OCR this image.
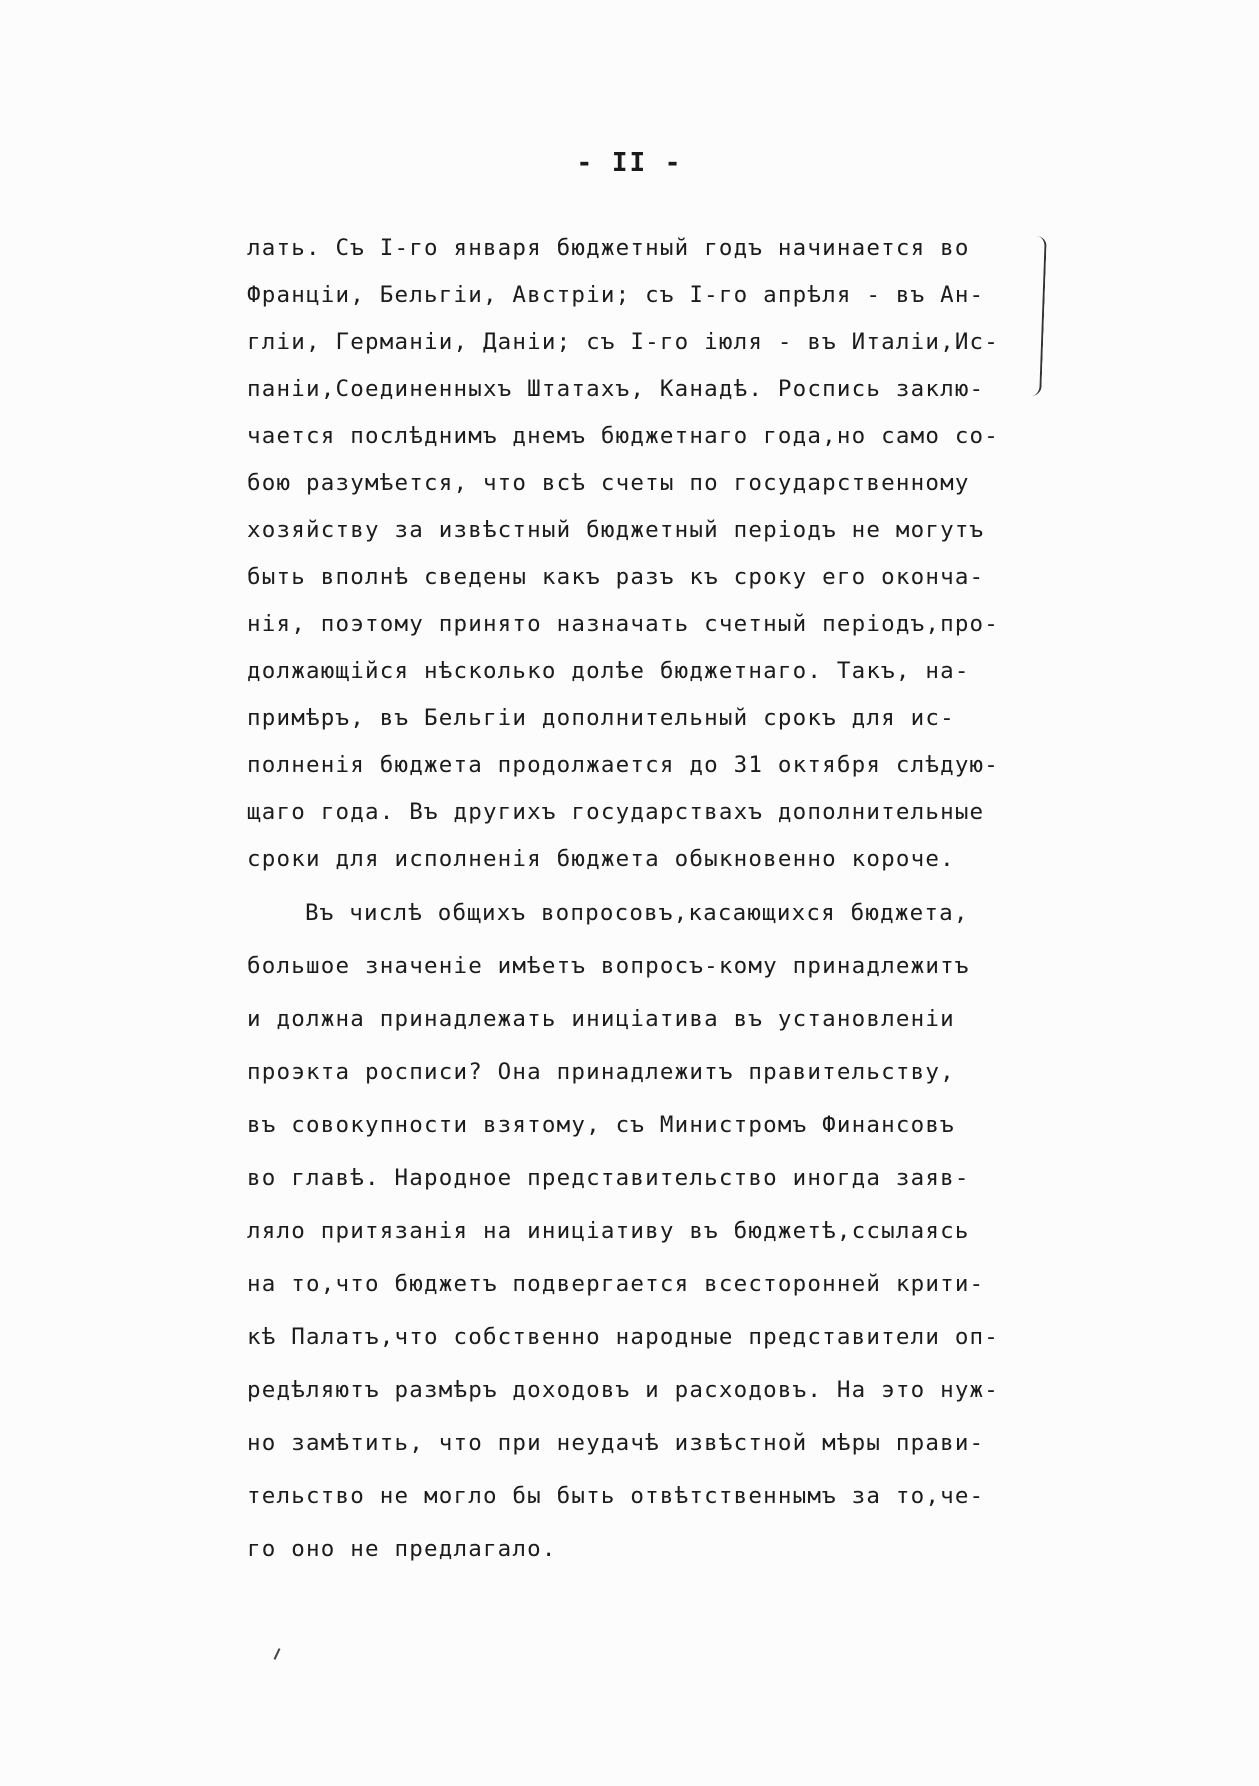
- II -
лать. Съ I-го января бюджетный годъ начинается во
Франціи, Бельгіи, Австріи; съ I-го апрѣля - въ Ан-
гліи, Германіи, Даніи; съ I-го іюля - въ Италіи,Ис-
паніи,Соединенныхъ Штатахъ, Канадѣ. Роспись заклю-
чается послѣднимъ днемъ бюджетнаго года,но само со-
бою разумѣется, что всѣ счеты по государственному
хозяйству за извѣстный бюджетный періодъ не могутъ
быть вполнѣ сведены какъ разъ къ сроку его оконча-
нія, поэтому принято назначать счетный періодъ,про-
должающійся нѣсколько долѣе бюджетнаго. Такъ, на-
примѣръ, въ Бельгіи дополнительный срокъ для ис-
полненія бюджета продолжается до 31 октября слѣдую-
щаго года. Въ другихъ государствахъ дополнительные
сроки для исполненія бюджета обыкновенно короче.
Въ числѣ общихъ вопросовъ,касающихся бюджета,
большое значеніе имѣетъ вопросъ-кому принадлежитъ
и должна принадлежать иниціатива въ установленіи
проэкта росписи? Она принадлежитъ правительству,
въ совокупности взятому, съ Министромъ Финансовъ
во главѣ. Народное представительство иногда заяв-
ляло притязанія на иниціативу въ бюджетѣ,ссылаясь
на то,что бюджетъ подвергается всесторонней крити-
кѣ Палатъ,что собственно народные представители оп-
редѣляютъ размѣръ доходовъ и расходовъ. На это нуж-
но замѣтить, что при неудачѣ извѣстной мѣры прави-
тельство не могло бы быть отвѣтственнымъ за то,че-
го оно не предлагало.
